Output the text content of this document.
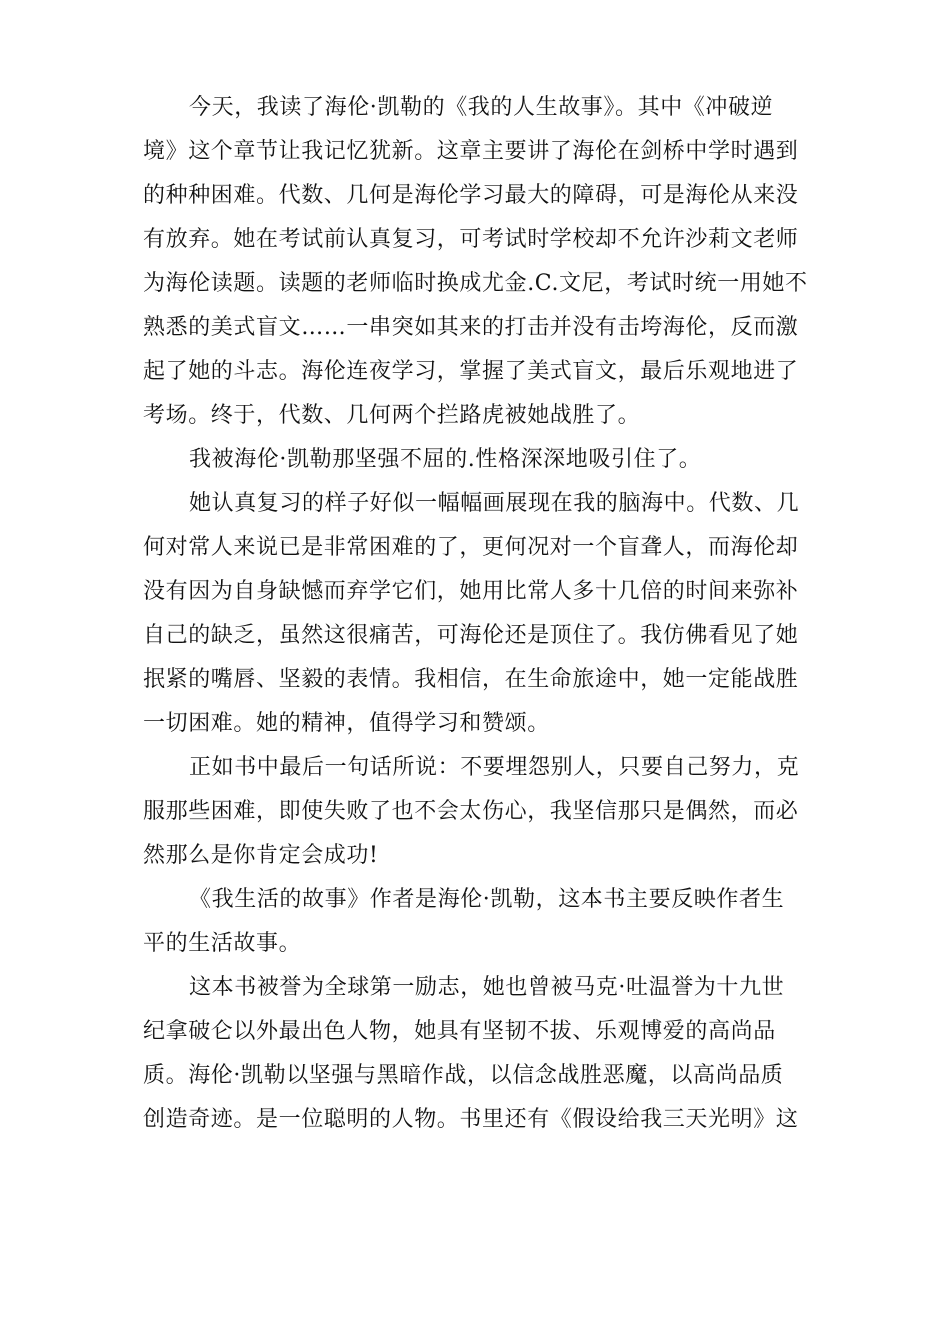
今天，我读了海伦·凯勒的《我的人生故事》。其中《冲破逆
境》这个章节让我记忆犹新。这章主要讲了海伦在剑桥中学时遇到
的种种困难。代数、几何是海伦学习最大的障碍，可是海伦从来没
有放弃。她在考试前认真复习，可考试时学校却不允许沙莉文老师
为海伦读题。读题的老师临时换成尤金.C.文尼，考试时统一用她不
熟悉的美式盲文……一串突如其来的打击并没有击垮海伦，反而激
起了她的斗志。海伦连夜学习，掌握了美式盲文，最后乐观地进了
考场。终于，代数、几何两个拦路虎被她战胜了。
我被海伦·凯勒那坚强不屈的.性格深深地吸引住了。
她认真复习的样子好似一幅幅画展现在我的脑海中。代数、几
何对常人来说已是非常困难的了，更何况对一个盲聋人，而海伦却
没有因为自身缺憾而弃学它们，她用比常人多十几倍的时间来弥补
自己的缺乏，虽然这很痛苦，可海伦还是顶住了。我仿佛看见了她
抿紧的嘴唇、坚毅的表情。我相信，在生命旅途中，她一定能战胜
一切困难。她的精神，值得学习和赞颂。
正如书中最后一句话所说：不要埋怨别人，只要自己努力，克
服那些困难，即使失败了也不会太伤心，我坚信那只是偶然，而必
然那么是你肯定会成功!
《我生活的故事》作者是海伦·凯勒，这本书主要反映作者生
平的生活故事。
这本书被誉为全球第一励志，她也曾被马克·吐温誉为十九世
纪拿破仑以外最出色人物，她具有坚韧不拔、乐观博爱的高尚品
质。海伦·凯勒以坚强与黑暗作战，以信念战胜恶魔，以高尚品质
创造奇迹。是一位聪明的人物。书里还有《假设给我三天光明》这
